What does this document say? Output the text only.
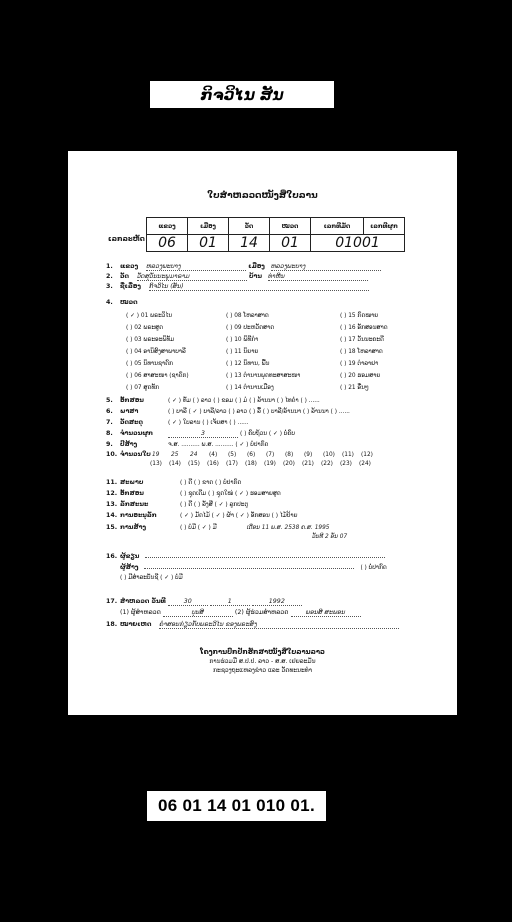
ກິຈວິໄນ ສັນ
ໃບສຳຫລວດໜັງສືໃບລານ
ເລກລະຫັດ
ແຂວງ	ເມືອງ	ວັດ	ໝວດ	ເລກທີມັດ	ເລກທີຜູກ
06	01	14	01	01001	
1. ແຂວງ ຫລວງພະບາງ	ເມືອງ ຫລວງພະບາງ
2. ວັດ ວັດສຸວັນນະພູມາຣາມ	ບ້ານ ທ່າຫີນ
3. ຊື່ເລື່ອງ ກິຈວິໄນ (ສັນ)
4. ໝວດ
( ✓ ) 01 ພຣະວິໄນ
( ) 02 ພຣະສູດ
( ) 03 ພຣະອະພິທັມ
( ) 04 ອານິສົງສາພາບາລີ
( ) 05 ນິທານຊາດົກ
( ) 06 ສາສະໜາ (ຊາດົກ)
( ) 07 ສູດທັກ
( ) 08 ໂຫລາສາດ
( ) 09 ປະຫວັດສາດ
( ) 10 ພິທີກຳ
( ) 11 ນິຍາຍ
( ) 12 ນິທານ, ພື້ນ
( ) 13 ຕຳນານພຸດທະສາສະໜາ
( ) 14 ຕຳນານເມືອງ
( ) 15 ກົດໝາຍ
( ) 16 ອັກສອນສາດ
( ) 17 ວັນນະຄະດີ
( ) 18 ໂຫລາສາດ
( ) 19 ຕຳລາຢາ
( ) 20 ຮອມສາຍ
( ) 21 ອື່ນໆ
5. ອັກສອນ	( ✓ ) ທັມ ( ) ລາວ ( ) ຂອມ ( ) ມໍ ( ) ລ້ານນາ ( ) ໄທດຳ ( ) ......
6. ພາສາ	( ) ບາລີ ( ✓ ) ບາລີ/ລາວ ( ) ລາວ ( ) ລື້ ( ) ບາລີ/ລ້ານນາ ( ) ລ້ານນາ ( ) ......
7. ວັດສະດຸ	( ✓ ) ໃບລານ ( ) ເຈ້ຍສາ ( ) ......
8. ຈຳນວນຜູກ	3	( ) ຄົບຖ້ວນ ( ✓ ) ບໍ່ຄົບ
9. ປີສ້າງ	ຈ.ສ. .......... ພ.ສ. .......... ( ✓ ) ບໍ່ປາກົດ
10. ຈຳນວນໃບ 19 25 24 (4) (5) (6) (7) (8) (9) (10) (11) (12)
(13) (14) (15) (16) (17) (18) (19) (20) (21) (22) (23) (24)
11. ສະພາບ	( ) ດີ ( ) ຂາດ ( ) ບໍ່ປາກົດ
12. ອັກສອນ	( ) ຊຸດເດີມ ( ) ຊຸດໃໝ່ ( ✓ ) ຮອມສາຍສູດ
13. ລັກສະນະ	( ) ດີ ( ) ລັງສີ ( ✓ ) ລູກປະຕູ
14. ການອະນຸລັກ	( ✓ ) ມັດໄມ້ ( ✓ ) ຜ້າ ( ✓ ) ອັກສອນ ( ) ໄມ້ປ້າຍ
15. ການສ້າງ	( ) ບໍ່ມີ ( ✓ ) ມີ	ເດືອນ 11 ພ.ສ. 2538 ຄ.ສ. 1995
ວັນທີ 2 ອັນ 07
16. ຜູ້ຂຽນ
ຜູ້ສ້າງ	( ) ບໍ່ປາກົດ
( ) ມີສຳລະບັນຊີ ( ✓ ) ບໍ່ມີ
17. ສຳຫລວດ ວັນທີ	30	1	1992
(1) ຜູ້ສຳຫລວດ	ບຸນສີ	(2) ຜູ້ຮ່ວມສຳຫລວດ	ພອນສີ ສະພອນ
18. ໝາຍເຫດ ຄຳສອນກ່ຽວກັບພຣະວິໄນ ຂອງພຣະສົງ
ໂຄງການປົກປັກຮັກສາໜັງສືໃບລານລາວ
ການຮ່ວມມື ສ.ປ.ປ. ລາວ - ສ.ສ. ເຢຍລະມັນ
ກະຊວງຖະແຫລງຂ່າວ ແລະ ວັດທະນະທຳ
06 01 14 01 010 01.
